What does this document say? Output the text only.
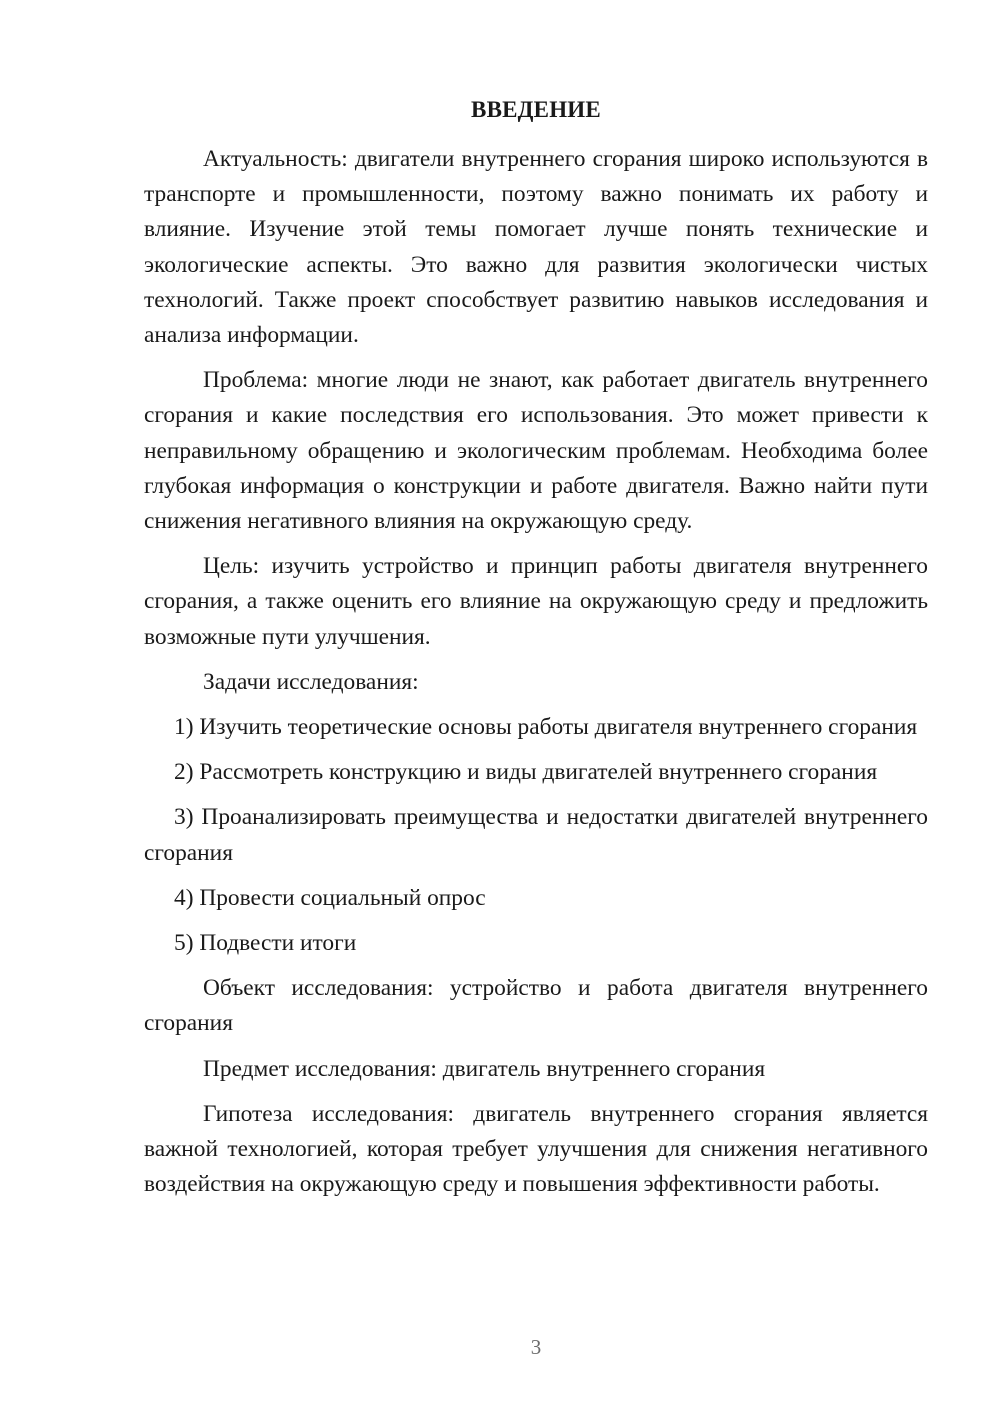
ВВЕДЕНИЕ

Актуальность: двигатели внутреннего сгорания широко используются в транспорте и промышленности, поэтому важно понимать их работу и влияние. Изучение этой темы помогает лучше понять технические и экологические аспекты. Это важно для развития экологически чистых технологий. Также проект способствует развитию навыков исследования и анализа информации.

Проблема: многие люди не знают, как работает двигатель внутреннего сгорания и какие последствия его использования. Это может привести к неправильному обращению и экологическим проблемам. Необходима более глубокая информация о конструкции и работе двигателя. Важно найти пути снижения негативного влияния на окружающую среду.

Цель: изучить устройство и принцип работы двигателя внутреннего сгорания, а также оценить его влияние на окружающую среду и предложить возможные пути улучшения.

Задачи исследования:

1) Изучить теоретические основы работы двигателя внутреннего сгорания

2) Рассмотреть конструкцию и виды двигателей внутреннего сгорания

3) Проанализировать преимущества и недостатки двигателей внутреннего сгорания

4) Провести социальный опрос

5) Подвести итоги

Объект исследования: устройство и работа двигателя внутреннего сгорания

Предмет исследования: двигатель внутреннего сгорания

Гипотеза исследования: двигатель внутреннего сгорания является важной технологией, которая требует улучшения для снижения негативного воздействия на окружающую среду и повышения эффективности работы.

3
